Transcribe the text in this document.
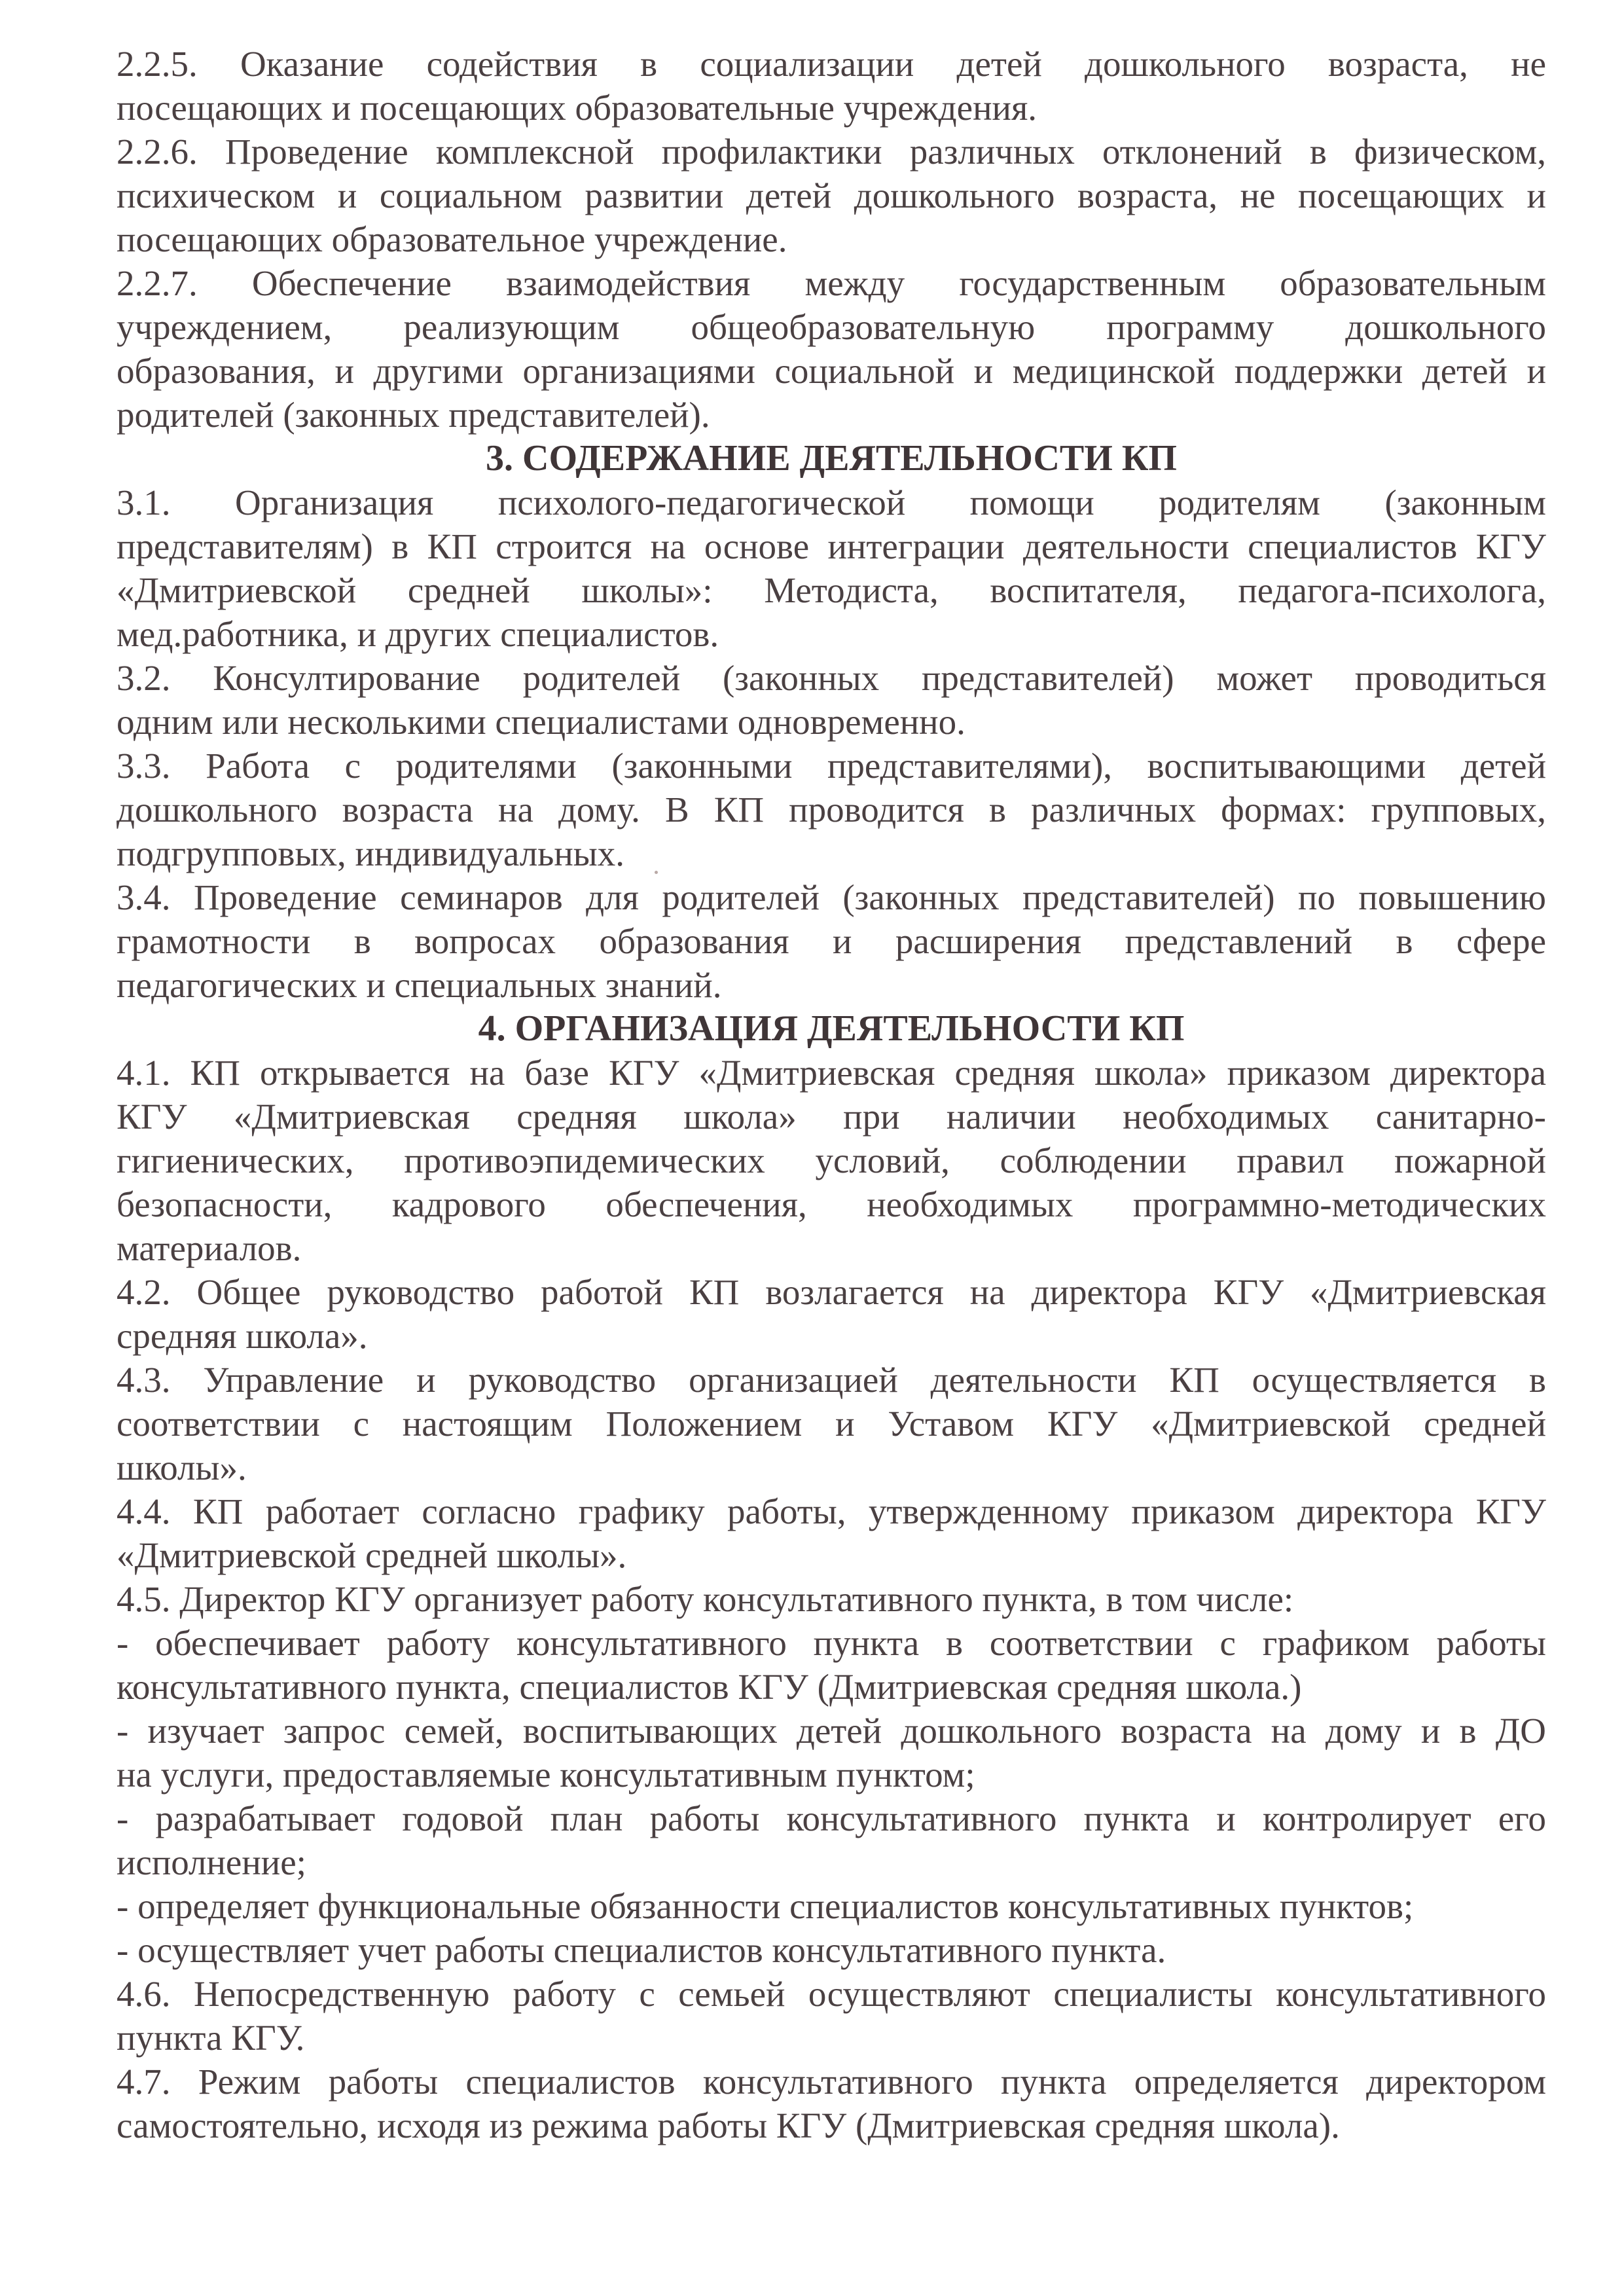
2.2.5. Оказание содействия в социализации детей дошкольного возраста, не
посещающих и посещающих образовательные учреждения.
2.2.6. Проведение комплексной профилактики различных отклонений в физическом,
психическом и социальном развитии детей дошкольного возраста, не посещающих и
посещающих образовательное учреждение.
2.2.7. Обеспечение взаимодействия между государственным образовательным
учреждением, реализующим общеобразовательную программу дошкольного
образования, и другими организациями социальной и медицинской поддержки детей и
родителей (законных представителей).
3. СОДЕРЖАНИЕ ДЕЯТЕЛЬНОСТИ КП
3.1. Организация психолого-педагогической помощи родителям (законным
представителям) в КП строится на основе интеграции деятельности специалистов КГУ
«Дмитриевской средней школы»: Методиста, воспитателя, педагога-психолога,
мед.работника, и других специалистов.
3.2. Консултирование родителей (законных представителей) может проводиться
одним или несколькими специалистами одновременно.
3.3. Работа с родителями (законными представителями), воспитывающими детей
дошкольного возраста на дому. В КП проводится в различных формах: групповых,
подгрупповых, индивидуальных.
3.4. Проведение семинаров для родителей (законных представителей) по повышению
грамотности в вопросах образования и расширения представлений в сфере
педагогических и специальных знаний.
4. ОРГАНИЗАЦИЯ ДЕЯТЕЛЬНОСТИ КП
4.1. КП открывается на базе КГУ «Дмитриевская средняя школа» приказом директора
КГУ «Дмитриевская средняя школа» при наличии необходимых санитарно-
гигиенических, противоэпидемических условий, соблюдении правил пожарной
безопасности, кадрового обеспечения, необходимых программно-методических
материалов.
4.2. Общее руководство работой КП возлагается на директора КГУ «Дмитриевская
средняя школа».
4.3. Управление и руководство организацией деятельности КП осуществляется в
соответствии с настоящим Положением и Уставом КГУ «Дмитриевской средней
школы».
4.4. КП работает согласно графику работы, утвержденному приказом директора КГУ
«Дмитриевской средней школы».
4.5. Директор КГУ организует работу консультативного пункта, в том числе:
- обеспечивает работу консультативного пункта в соответствии с графиком работы
консультативного пункта, специалистов КГУ (Дмитриевская средняя школа.)
- изучает запрос семей, воспитывающих детей дошкольного возраста на дому и в ДО
на услуги, предоставляемые консультативным пунктом;
- разрабатывает годовой план работы консультативного пункта и контролирует его
исполнение;
- определяет функциональные обязанности специалистов консультативных пунктов;
- осуществляет учет работы специалистов консультативного пункта.
4.6. Непосредственную работу с семьей осуществляют специалисты консультативного
пункта КГУ.
4.7. Режим работы специалистов консультативного пункта определяется директором
самостоятельно, исходя из режима работы КГУ (Дмитриевская средняя школа).
